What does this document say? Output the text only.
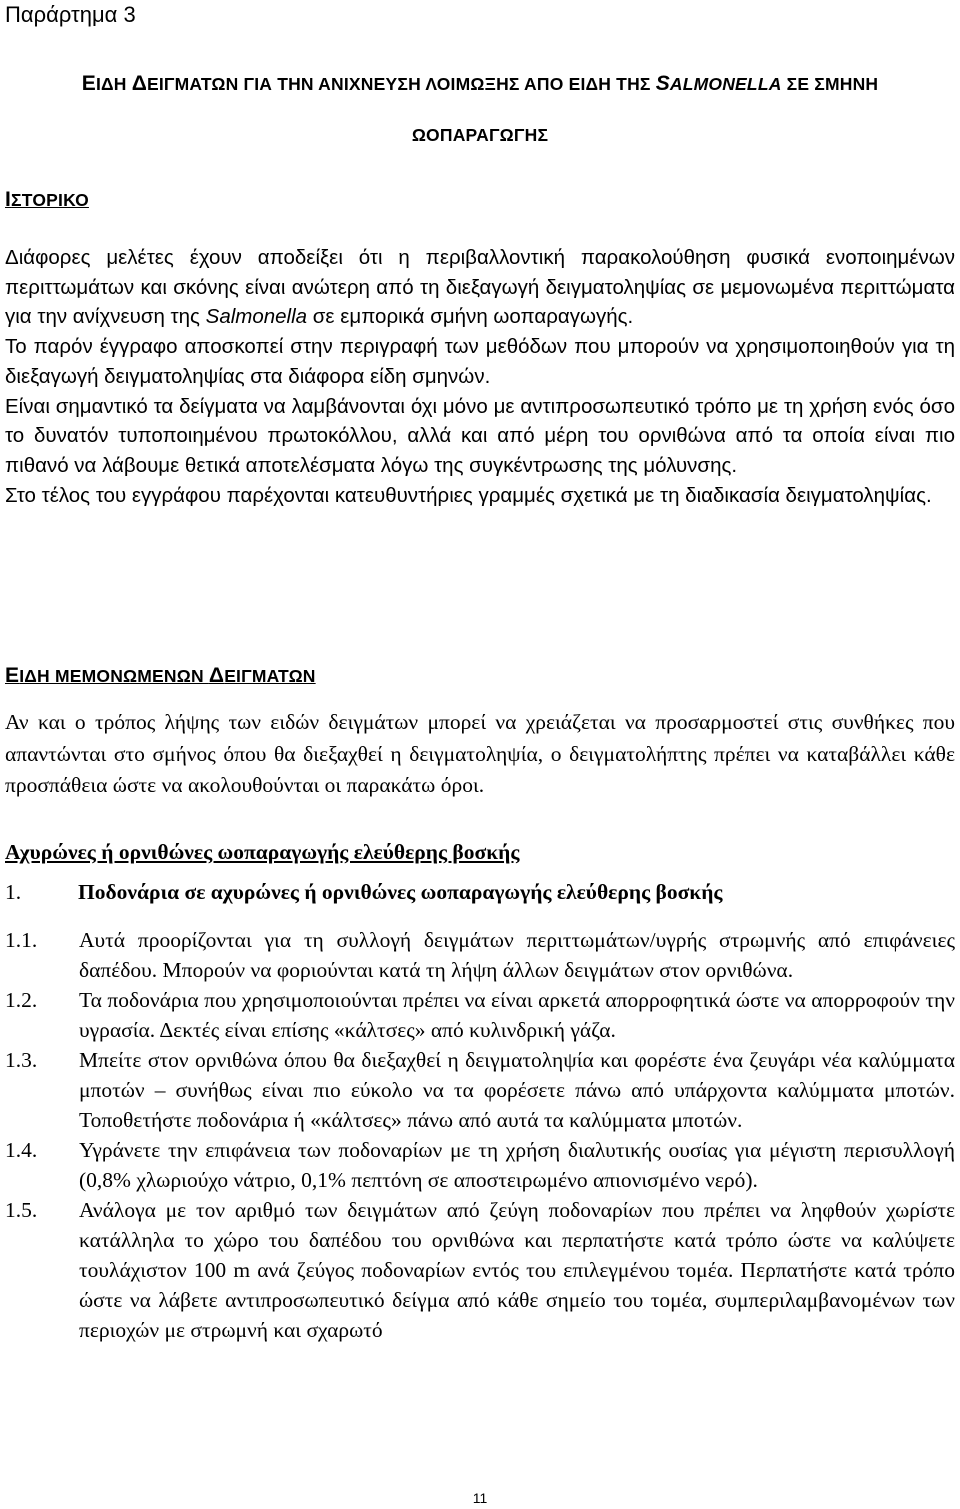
Παράρτημα 3
ΕΙΔΗ ΔΕΙΓΜΑΤΩΝ ΓΙΑ ΤΗΝ ΑΝΙΧΝΕΥΣΗ ΛΟΙΜΩΞΗΣ ΑΠΟ ΕΙΔΗ ΤΗΣ SALMONELLA ΣΕ ΣΜΗΝΗ
ΩΟΠΑΡΑΓΩΓΗΣ
ΙΣΤΟΡΙΚΟ

Διάφορες μελέτες έχουν αποδείξει ότι η περιβαλλοντική παρακολούθηση φυσικά ενοποιημένων περιττωμάτων και σκόνης είναι ανώτερη από τη διεξαγωγή δειγματοληψίας σε μεμονωμένα περιττώματα για την ανίχνευση της Salmonella σε εμπορικά σμήνη ωοπαραγωγής.

Το παρόν έγγραφο αποσκοπεί στην περιγραφή των μεθόδων που μπορούν να χρησιμοποιηθούν για τη διεξαγωγή δειγματοληψίας στα διάφορα είδη σμηνών.

Είναι σημαντικό τα δείγματα να λαμβάνονται όχι μόνο με αντιπροσωπευτικό τρόπο με τη χρήση ενός όσο το δυνατόν τυποποιημένου πρωτοκόλλου, αλλά και από μέρη του ορνιθώνα από τα οποία είναι πιο πιθανό να λάβουμε θετικά αποτελέσματα λόγω της συγκέντρωσης της μόλυνσης.

Στο τέλος του εγγράφου παρέχονται κατευθυντήριες γραμμές σχετικά με τη διαδικασία δειγματοληψίας.

ΕΙΔΗ ΜΕΜΟΝΩΜΕΝΩΝ ΔΕΙΓΜΑΤΩΝ

Αν και ο τρόπος λήψης των ειδών δειγμάτων μπορεί να χρειάζεται να προσαρμοστεί στις συνθήκες που απαντώνται στο σμήνος όπου θα διεξαχθεί η δειγματοληψία, ο δειγματολήπτης πρέπει να καταβάλλει κάθε προσπάθεια ώστε να ακολουθούνται οι παρακάτω όροι.

Αχυρώνες ή ορνιθώνες ωοπαραγωγής ελεύθερης βοσκής
1.	Ποδονάρια σε αχυρώνες ή ορνιθώνες ωοπαραγωγής ελεύθερης βοσκής
1.1.	Αυτά προορίζονται για τη συλλογή δειγμάτων περιττωμάτων/υγρής στρωμνής από επιφάνειες δαπέδου. Μπορούν να φοριούνται κατά τη λήψη άλλων δειγμάτων στον ορνιθώνα.
1.2.	Τα ποδονάρια που χρησιμοποιούνται πρέπει να είναι αρκετά απορροφητικά ώστε να απορροφούν την υγρασία. Δεκτές είναι επίσης «κάλτσες» από κυλινδρική γάζα.
1.3.	Μπείτε στον ορνιθώνα όπου θα διεξαχθεί η δειγματοληψία και φορέστε ένα ζευγάρι νέα καλύμματα μποτών – συνήθως είναι πιο εύκολο να τα φορέσετε πάνω από υπάρχοντα καλύμματα μποτών. Τοποθετήστε ποδονάρια ή «κάλτσες» πάνω από αυτά τα καλύμματα μποτών.
1.4.	Υγράνετε την επιφάνεια των ποδοναρίων με τη χρήση διαλυτικής ουσίας για μέγιστη περισυλλογή (0,8% χλωριούχο νάτριο, 0,1% πεπτόνη σε αποστειρωμένο απιονισμένο νερό).
1.5.	Ανάλογα με τον αριθμό των δειγμάτων από ζεύγη ποδοναρίων που πρέπει να ληφθούν χωρίστε κατάλληλα το χώρο του δαπέδου του ορνιθώνα και περπατήστε κατά τρόπο ώστε να καλύψετε τουλάχιστον 100 m ανά ζεύγος ποδοναρίων εντός του επιλεγμένου τομέα. Περπατήστε κατά τρόπο ώστε να λάβετε αντιπροσωπευτικό δείγμα από κάθε σημείο του τομέα, συμπεριλαμβανομένων των περιοχών με στρωμνή και σχαρωτό
11
